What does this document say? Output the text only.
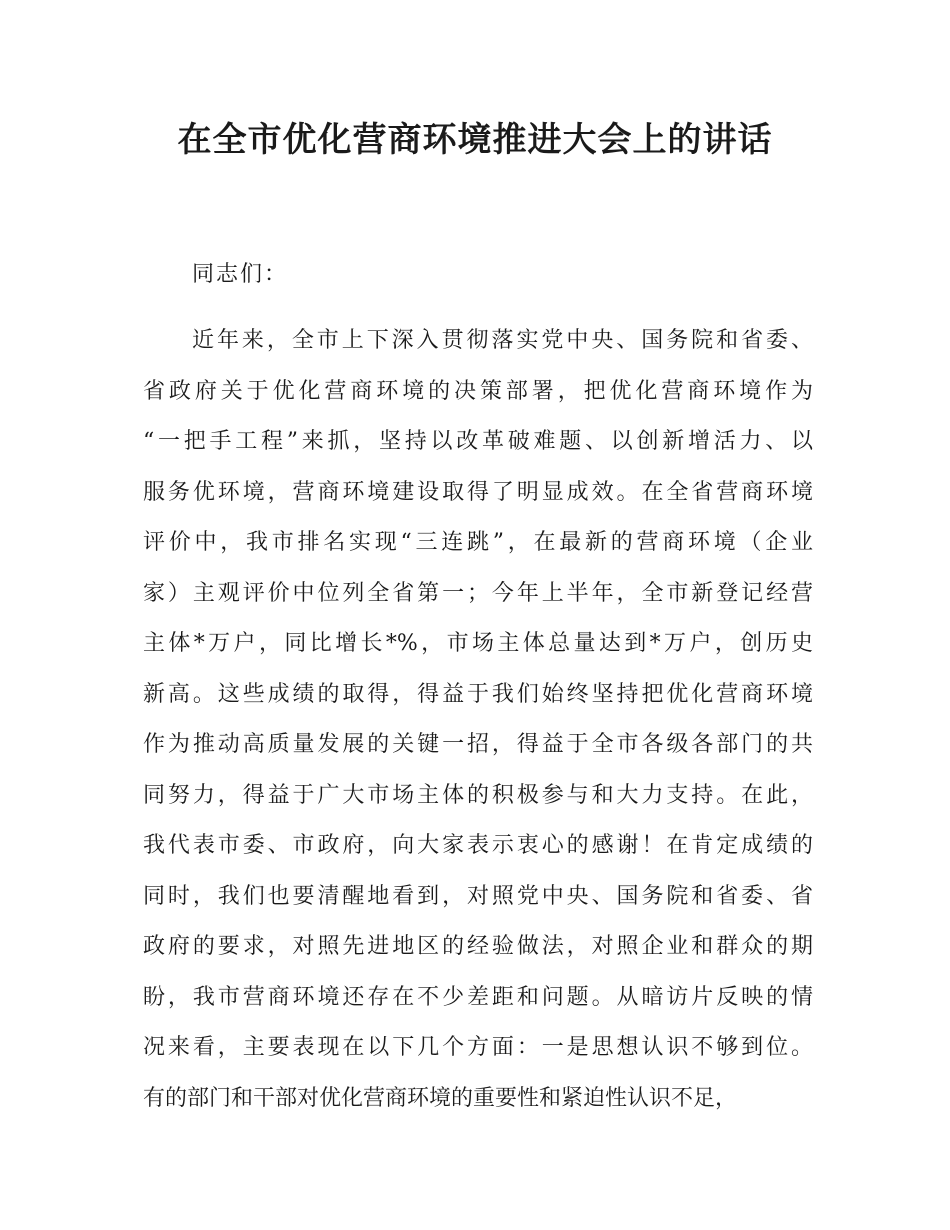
在全市优化营商环境推进大会上的讲话

同志们：

近年来，全市上下深入贯彻落实党中央、国务院和省委、
省政府关于优化营商环境的决策部署，把优化营商环境作为
“一把手工程”来抓，坚持以改革破难题、以创新增活力、以
服务优环境，营商环境建设取得了明显成效。在全省营商环境
评价中，我市排名实现“三连跳”，在最新的营商环境（企业
家）主观评价中位列全省第一；今年上半年，全市新登记经营
主体*万户，同比增长*%，市场主体总量达到*万户，创历史
新高。这些成绩的取得，得益于我们始终坚持把优化营商环境
作为推动高质量发展的关键一招，得益于全市各级各部门的共
同努力，得益于广大市场主体的积极参与和大力支持。在此，
我代表市委、市政府，向大家表示衷心的感谢！在肯定成绩的
同时，我们也要清醒地看到，对照党中央、国务院和省委、省
政府的要求，对照先进地区的经验做法，对照企业和群众的期
盼，我市营商环境还存在不少差距和问题。从暗访片反映的情
况来看，主要表现在以下几个方面：一是思想认识不够到位。
有的部门和干部对优化营商环境的重要性和紧迫性认识不足，
